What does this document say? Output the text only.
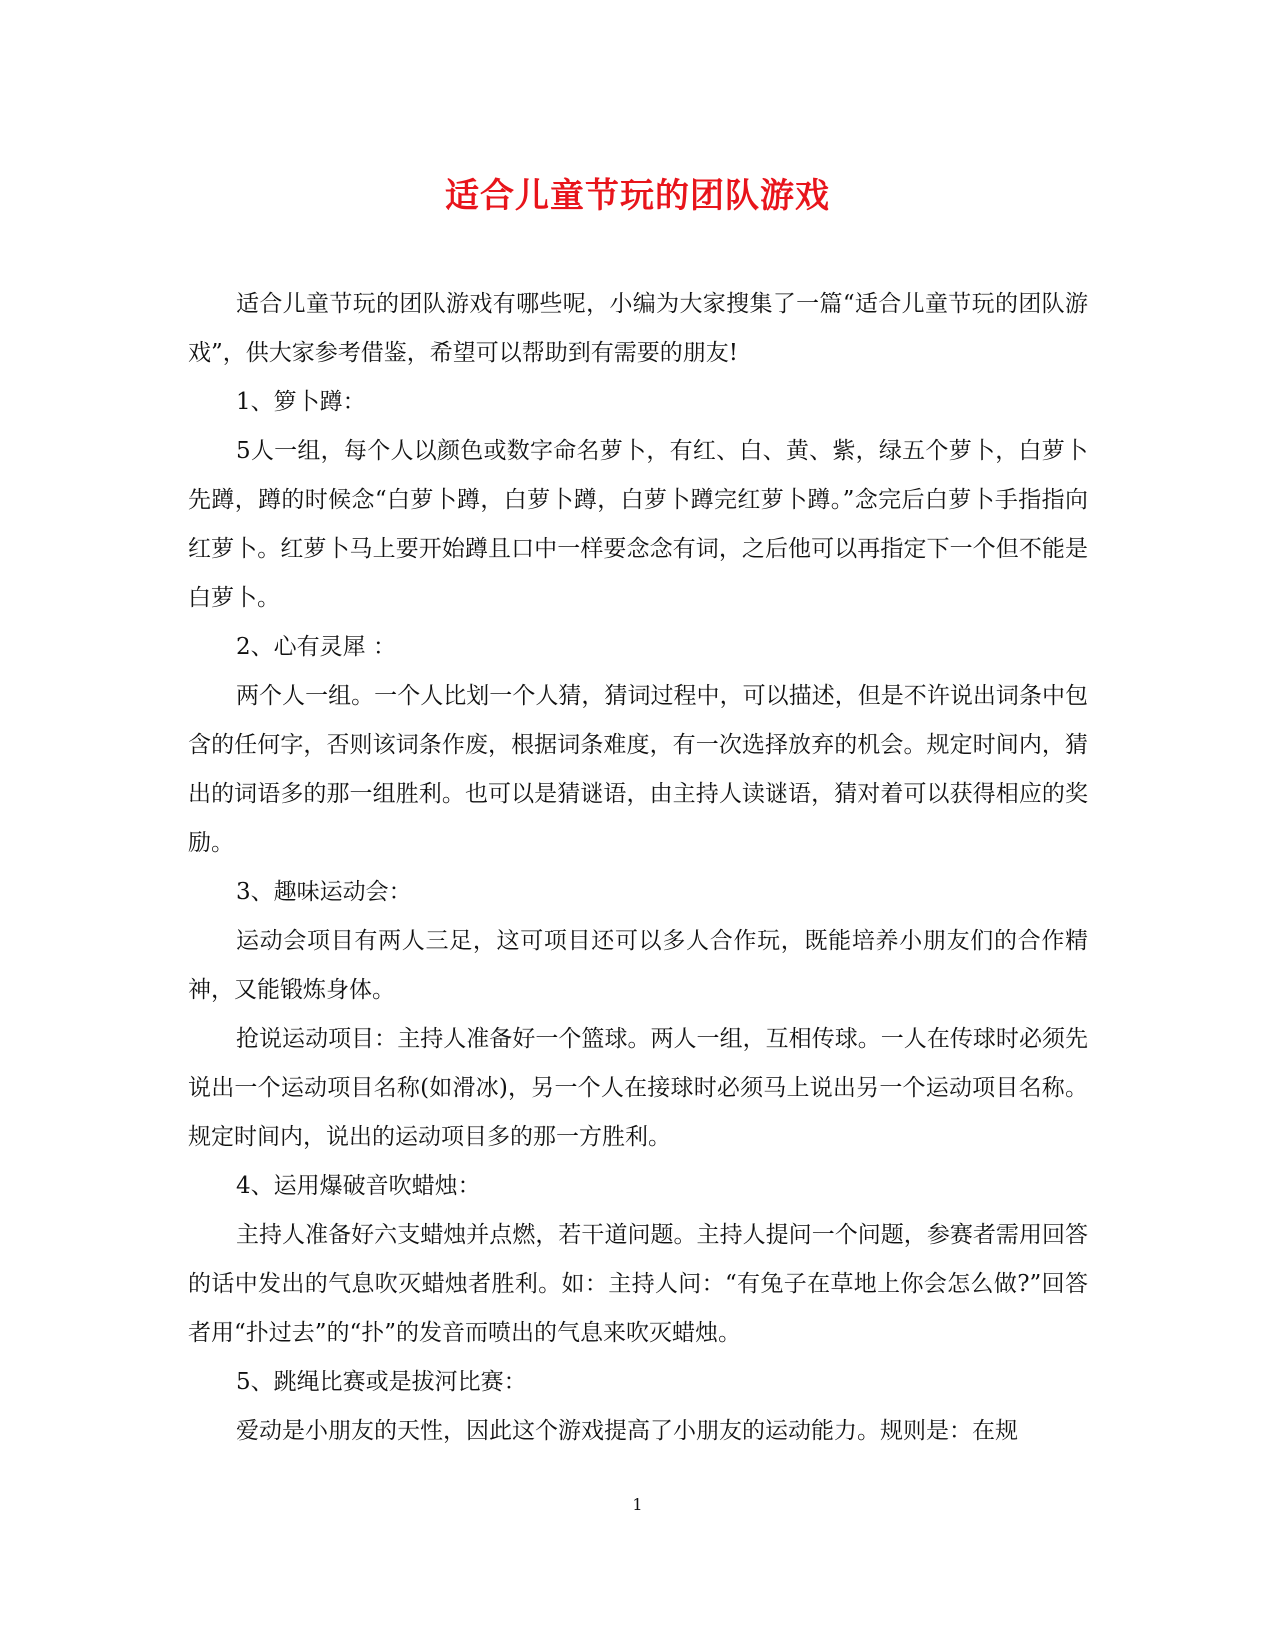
适合儿童节玩的团队游戏

适合儿童节玩的团队游戏有哪些呢，小编为大家搜集了一篇“适合儿童节玩的团队游戏”，供大家参考借鉴，希望可以帮助到有需要的朋友!

1、箩卜蹲：

5人一组，每个人以颜色或数字命名萝卜，有红、白、黄、紫，绿五个萝卜，白萝卜先蹲，蹲的时候念“白萝卜蹲，白萝卜蹲，白萝卜蹲完红萝卜蹲。”念完后白萝卜手指指向红萝卜。红萝卜马上要开始蹲且口中一样要念念有词，之后他可以再指定下一个但不能是白萝卜。

2、心有灵犀 ：

两个人一组。一个人比划一个人猜，猜词过程中，可以描述，但是不许说出词条中包含的任何字，否则该词条作废，根据词条难度，有一次选择放弃的机会。规定时间内，猜出的词语多的那一组胜利。也可以是猜谜语，由主持人读谜语，猜对着可以获得相应的奖励。

3、趣味运动会：

运动会项目有两人三足，这可项目还可以多人合作玩，既能培养小朋友们的合作精神，又能锻炼身体。

抢说运动项目：主持人准备好一个篮球。两人一组，互相传球。一人在传球时必须先说出一个运动项目名称(如滑冰)，另一个人在接球时必须马上说出另一个运动项目名称。规定时间内，说出的运动项目多的那一方胜利。

4、运用爆破音吹蜡烛：

主持人准备好六支蜡烛并点燃，若干道问题。主持人提问一个问题，参赛者需用回答的话中发出的气息吹灭蜡烛者胜利。如：主持人问：“有兔子在草地上你会怎么做?”回答者用“扑过去”的“扑”的发音而喷出的气息来吹灭蜡烛。

5、跳绳比赛或是拔河比赛：

爱动是小朋友的天性，因此这个游戏提高了小朋友的运动能力。规则是：在规

1
